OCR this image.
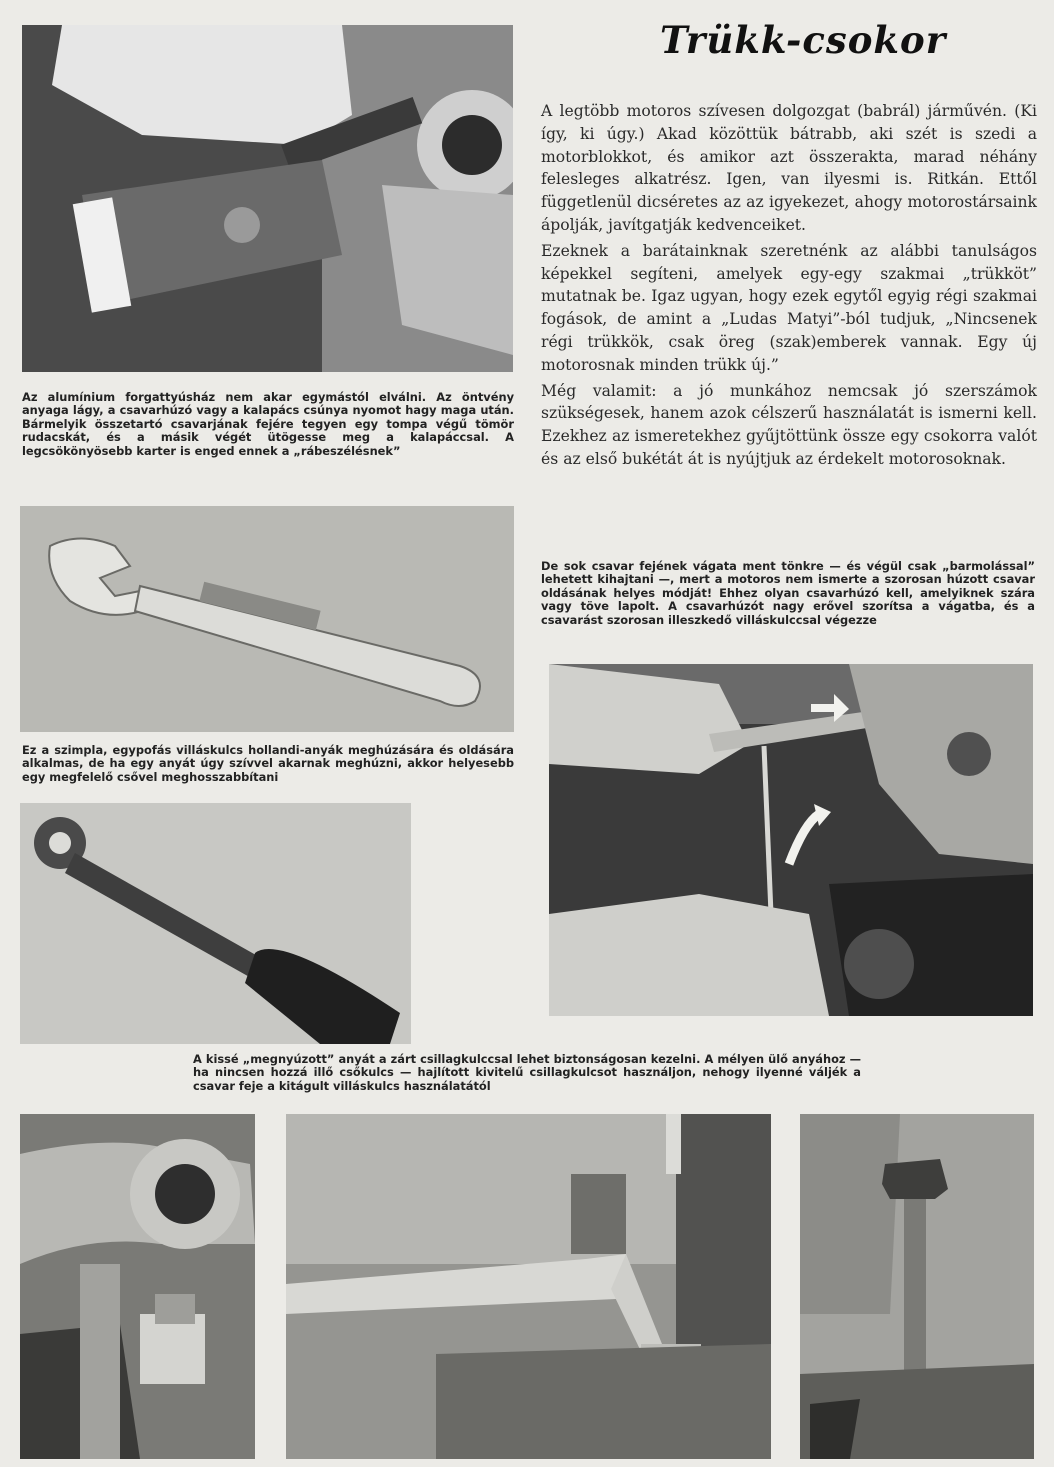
Trükk-csokor

A legtöbb motoros szívesen dolgozgat (babrál) járművén. (Ki így, ki úgy.) Akad közöttük bátrabb, aki szét is szedi a motorblokkot, és amikor azt összerakta, marad néhány felesleges alkatrész. Igen, van ilyesmi is. Ritkán. Ettől függetlenül dicséretes az az igyekezet, ahogy motorostársaink ápolják, javítgatják kedvenceiket.

Ezeknek a barátainknak szeretnénk az alábbi tanulságos képekkel segíteni, amelyek egy-egy szakmai „trükköt” mutatnak be. Igaz ugyan, hogy ezek egytől egyig régi szakmai fogások, de amint a „Ludas Matyi”-ból tudjuk, „Nincsenek régi trükkök, csak öreg (szak)emberek vannak. Egy új motorosnak minden trükk új.”

Még valamit: a jó munkához nemcsak jó szerszámok szükségesek, hanem azok célszerű használatát is ismerni kell. Ezekhez az ismeretekhez gyűjtöttünk össze egy csokorra valót és az első bukétát át is nyújtjuk az érdekelt motorosoknak.

Az alumínium forgattyúsház nem akar egymástól elválni. Az öntvény anyaga lágy, a csavarhúzó vagy a kalapács csúnya nyomot hagy maga után. Bármelyik összetartó csavarjának fejére tegyen egy tompa végű tömör rudacskát, és a másik végét ütögesse meg a kalapáccsal. A legcsökönyösebb karter is enged ennek a „rábeszélésnek”
Ez a szimpla, egypofás villáskulcs hollandi-anyák meghúzására és oldására alkalmas, de ha egy anyát úgy szívvel akarnak meghúzni, akkor helyesebb egy megfelelő csővel meghosszabbítani
De sok csavar fejének vágata ment tönkre — és végül csak „barmolással” lehetett kihajtani —, mert a motoros nem ismerte a szorosan húzott csavar oldásának helyes módját! Ehhez olyan csavarhúzó kell, amelyiknek szára vagy töve lapolt. A csavarhúzót nagy erővel szorítsa a vágatba, és a csavarást szorosan illeszkedő villáskulccsal végezze
A kissé „megnyúzott” anyát a zárt csillagkulccsal lehet biztonságosan kezelni. A mélyen ülő anyához — ha nincsen hozzá illő csőkulcs — hajlított kivitelű csillagkulcsot használjon, nehogy ilyenné váljék a csavar feje a kitágult villáskulcs használatától
